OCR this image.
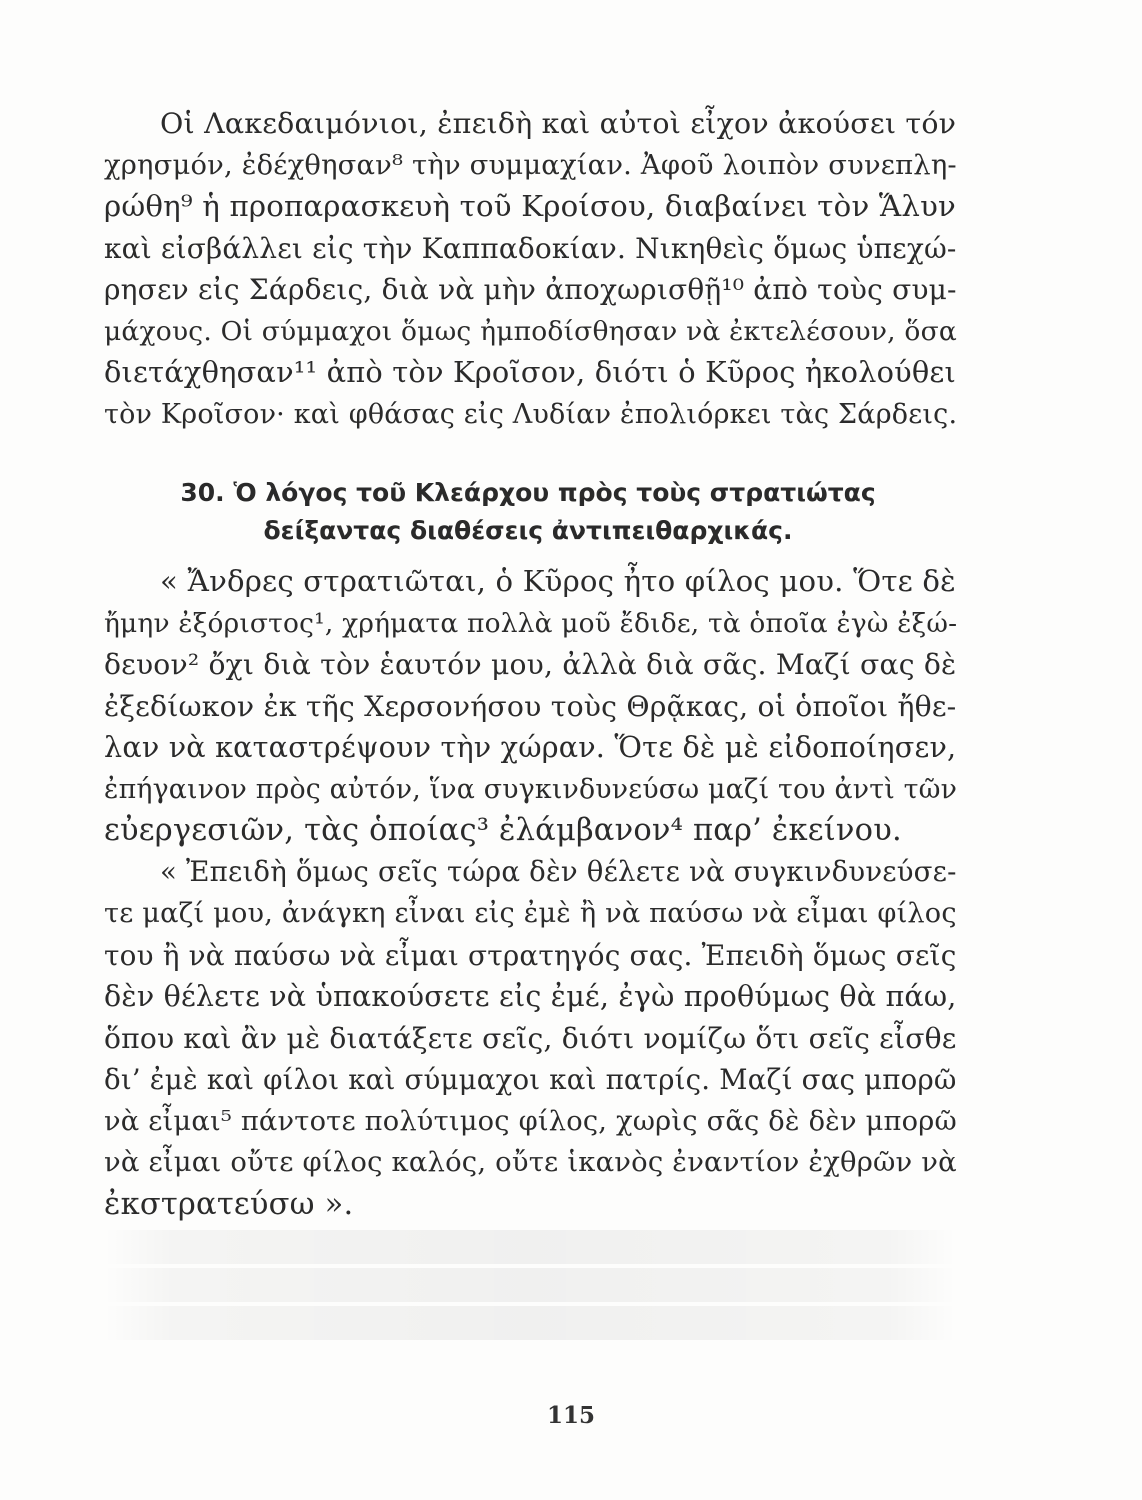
Οἱ Λακεδαιμόνιοι, ἐπειδὴ καὶ αὐτοὶ εἶχον ἀκούσει τόν
χρησμόν, ἐδέχθησαν⁸ τὴν συμμαχίαν. Ἀφοῦ λοιπὸν συνεπλη-
ρώθη⁹ ἡ προπαρασκευὴ τοῦ Κροίσου, διαβαίνει τὸν Ἅλυν
καὶ εἰσβάλλει εἰς τὴν Καππαδοκίαν. Νικηθεὶς ὅμως ὑπεχώ-
ρησεν εἰς Σάρδεις, διὰ νὰ μὴν ἀποχωρισθῇ¹⁰ ἀπὸ τοὺς συμ-
μάχους. Οἱ σύμμαχοι ὅμως ἠμποδίσθησαν νὰ ἐκτελέσουν, ὅσα
διετάχθησαν¹¹ ἀπὸ τὸν Κροῖσον, διότι ὁ Κῦρος ἠκολούθει
τὸν Κροῖσον· καὶ φθάσας εἰς Λυδίαν ἐπολιόρκει τὰς Σάρδεις.
30. Ὁ λόγος τοῦ Κλεάρχου πρὸς τοὺς στρατιώτας
δείξαντας διαθέσεις ἀντιπειθαρχικάς.
« Ἄνδρες στρατιῶται, ὁ Κῦρος ἦτο φίλος μου. Ὅτε δὲ
ἤμην ἐξόριστος¹, χρήματα πολλὰ μοῦ ἔδιδε, τὰ ὁποῖα ἐγὼ ἐξώ-
δευον² ὄχι διὰ τὸν ἑαυτόν μου, ἀλλὰ διὰ σᾶς. Μαζί σας δὲ
ἐξεδίωκον ἐκ τῆς Χερσονήσου τοὺς Θρᾷκας, οἱ ὁποῖοι ἤθε-
λαν νὰ καταστρέψουν τὴν χώραν. Ὅτε δὲ μὲ εἰδοποίησεν,
ἐπήγαινον πρὸς αὐτόν, ἵνα συγκινδυνεύσω μαζί του ἀντὶ τῶν
εὐεργεσιῶν, τὰς ὁποίας³ ἐλάμβανον⁴ παρ’ ἐκείνου.
« Ἐπειδὴ ὅμως σεῖς τώρα δὲν θέλετε νὰ συγκινδυνεύσε-
τε μαζί μου, ἀνάγκη εἶναι εἰς ἐμὲ ἢ νὰ παύσω νὰ εἶμαι φίλος
του ἢ νὰ παύσω νὰ εἶμαι στρατηγός σας. Ἐπειδὴ ὅμως σεῖς
δὲν θέλετε νὰ ὑπακούσετε εἰς ἐμέ, ἐγὼ προθύμως θὰ πάω,
ὅπου καὶ ἂν μὲ διατάξετε σεῖς, διότι νομίζω ὅτι σεῖς εἶσθε
δι’ ἐμὲ καὶ φίλοι καὶ σύμμαχοι καὶ πατρίς. Μαζί σας μπορῶ
νὰ εἶμαι⁵ πάντοτε πολύτιμος φίλος, χωρὶς σᾶς δὲ δὲν μπορῶ
νὰ εἶμαι οὔτε φίλος καλός, οὔτε ἱκανὸς ἐναντίον ἐχθρῶν νὰ
ἐκστρατεύσω ».
115
